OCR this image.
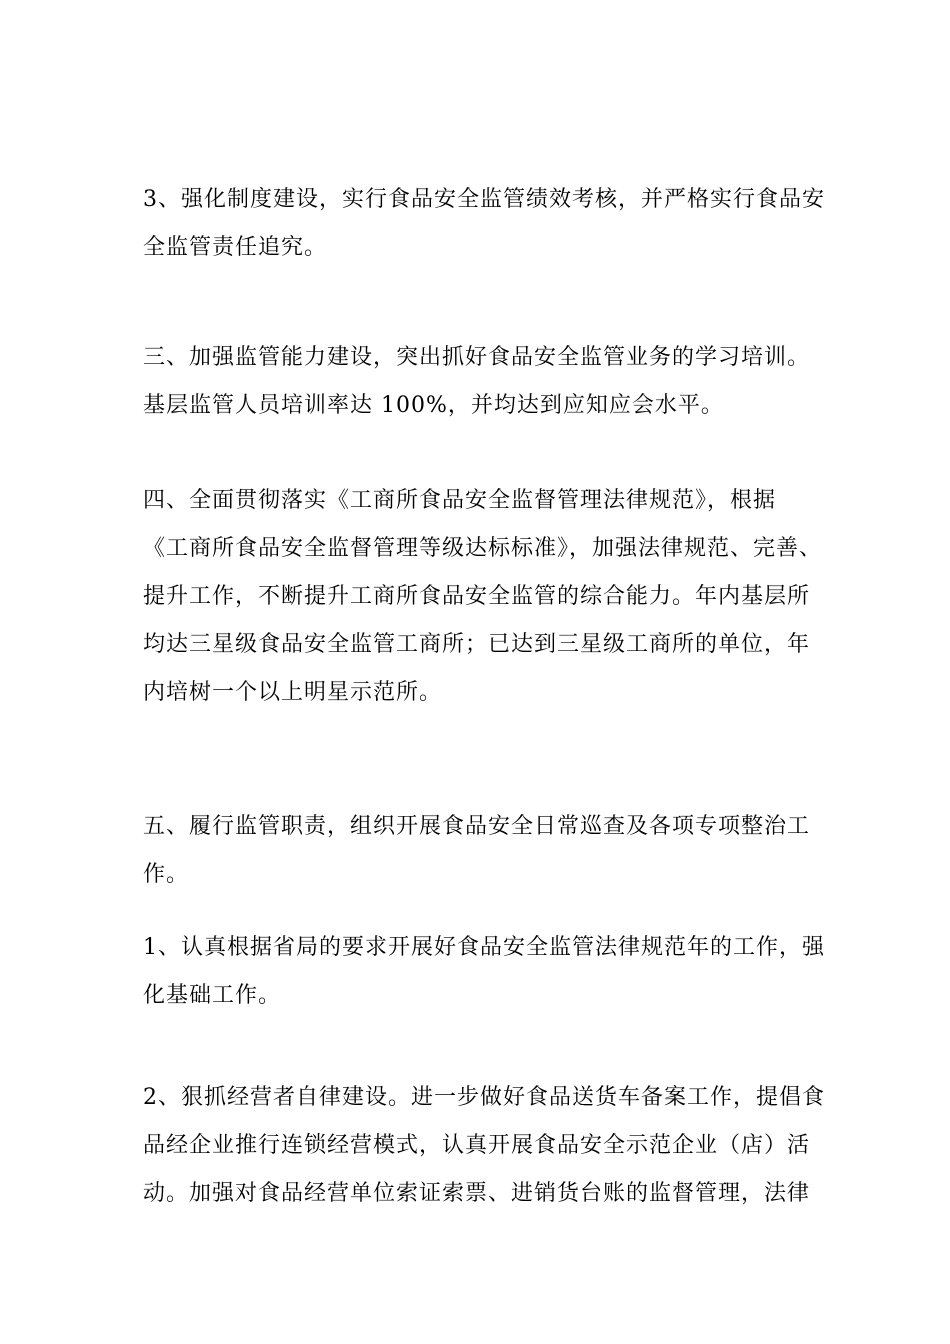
3、强化制度建设，实行食品安全监管绩效考核，并严格实行食品安
全监管责任追究。

三、加强监管能力建设，突出抓好食品安全监管业务的学习培训。
基层监管人员培训率达 100%，并均达到应知应会水平。

四、全面贯彻落实《工商所食品安全监督管理法律规范》，根据
《工商所食品安全监督管理等级达标标准》，加强法律规范、完善、
提升工作，不断提升工商所食品安全监管的综合能力。年内基层所
均达三星级食品安全监管工商所；已达到三星级工商所的单位，年
内培树一个以上明星示范所。

五、履行监管职责，组织开展食品安全日常巡查及各项专项整治工
作。

1、认真根据省局的要求开展好食品安全监管法律规范年的工作，强
化基础工作。

2、狠抓经营者自律建设。进一步做好食品送货车备案工作，提倡食
品经企业推行连锁经营模式，认真开展食品安全示范企业（店）活
动。加强对食品经营单位索证索票、进销货台账的监督管理，法律
